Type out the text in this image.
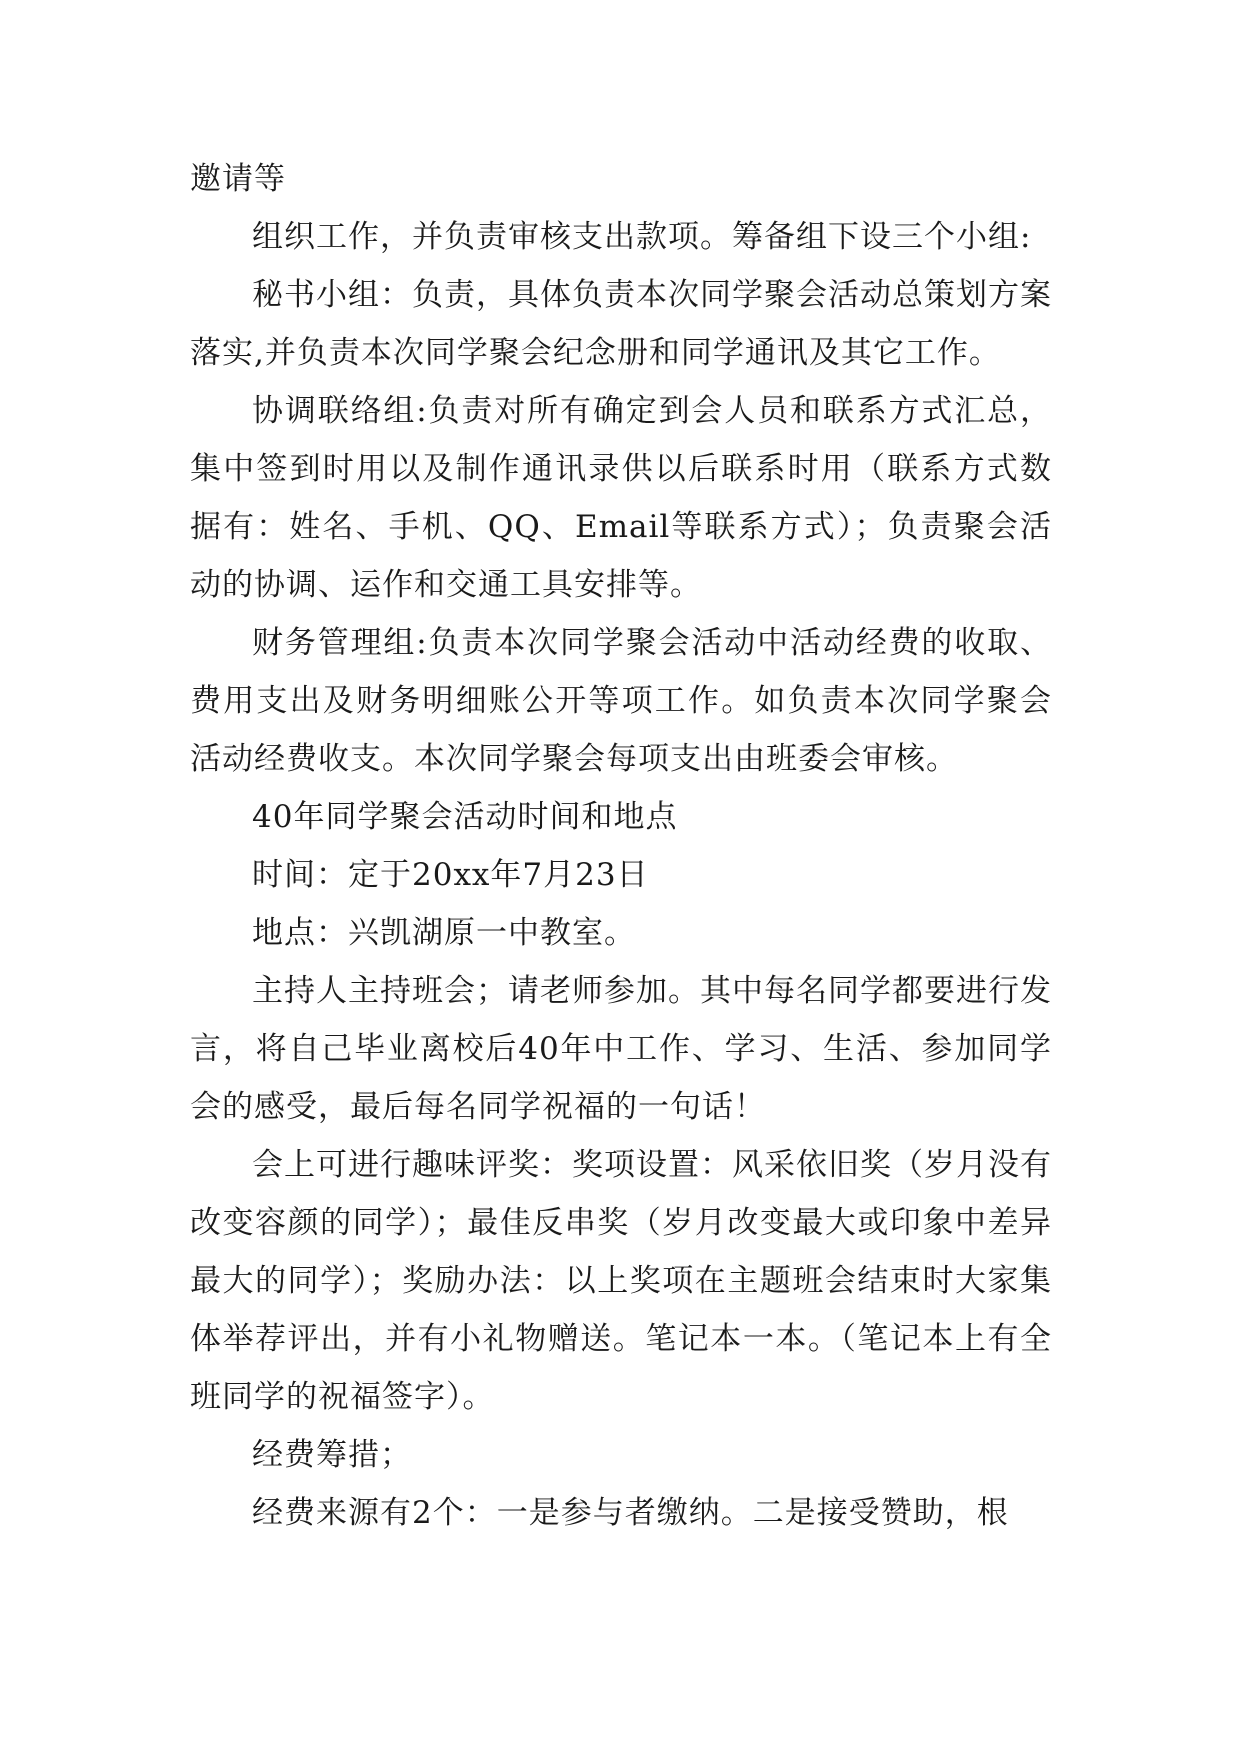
邀请等

组织工作，并负责审核支出款项。筹备组下设三个小组:

秘书小组：负责，具体负责本次同学聚会活动总策划方案落实,并负责本次同学聚会纪念册和同学通讯及其它工作。

协调联络组:负责对所有确定到会人员和联系方式汇总，集中签到时用以及制作通讯录供以后联系时用（联系方式数据有：姓名、手机、QQ、Email等联系方式）；负责聚会活动的协调、运作和交通工具安排等。

财务管理组:负责本次同学聚会活动中活动经费的收取、费用支出及财务明细账公开等项工作。如负责本次同学聚会活动经费收支。本次同学聚会每项支出由班委会审核。

40年同学聚会活动时间和地点

时间：定于20xx年7月23日

地点：兴凯湖原一中教室。

主持人主持班会；请老师参加。其中每名同学都要进行发言，将自己毕业离校后40年中工作、学习、生活、参加同学会的感受，最后每名同学祝福的一句话！

会上可进行趣味评奖：奖项设置：风采依旧奖（岁月没有改变容颜的同学）；最佳反串奖（岁月改变最大或印象中差异最大的同学）；奖励办法：以上奖项在主题班会结束时大家集体举荐评出，并有小礼物赠送。笔记本一本。（笔记本上有全班同学的祝福签字）。

经费筹措；

经费来源有2个：一是参与者缴纳。二是接受赞助，根
